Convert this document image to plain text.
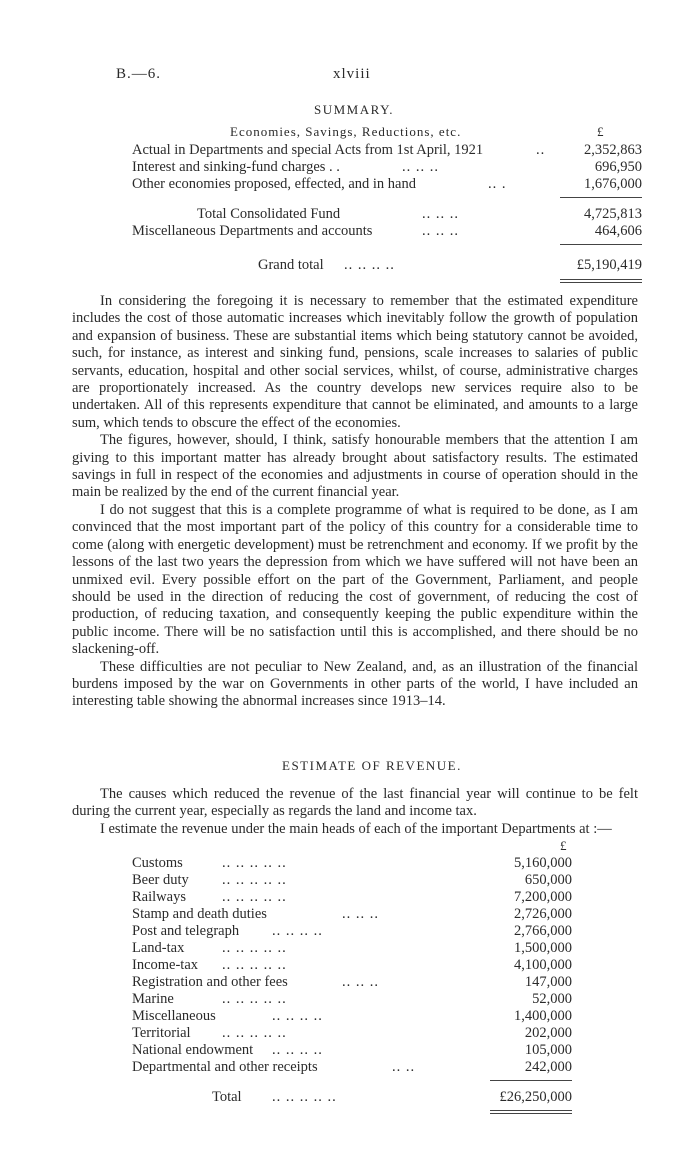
B.—6.	xlviii
SUMMARY.
Economies, Savings, Reductions, etc.	£
Actual in Departments and special Acts from 1st April, 1921	..	2,352,863
Interest and sinking-fund charges . .	.. .. ..	696,950
Other economies proposed, effected, and in hand	.. .	1,676,000
Total Consolidated Fund	.. .. ..	4,725,813
Miscellaneous Departments and accounts	.. .. ..	464,606
Grand total .. .. .. ..	£5,190,419

In considering the foregoing it is necessary to remember that the estimated expenditure includes the cost of those automatic increases which inevitably follow the growth of population and expansion of business. These are substantial items which being statutory cannot be avoided, such, for instance, as interest and sinking fund, pensions, scale increases to salaries of public servants, education, hospital and other social services, whilst, of course, administrative charges are proportionately increased. As the country develops new services require also to be undertaken. All of this represents expenditure that cannot be eliminated, and amounts to a large sum, which tends to obscure the effect of the economies.

The figures, however, should, I think, satisfy honourable members that the attention I am giving to this important matter has already brought about satisfactory results. The estimated savings in full in respect of the economies and adjustments in course of operation should in the main be realized by the end of the current financial year.

I do not suggest that this is a complete programme of what is required to be done, as I am convinced that the most important part of the policy of this country for a considerable time to come (along with energetic development) must be retrenchment and economy. If we profit by the lessons of the last two years the depression from which we have suffered will not have been an unmixed evil. Every possible effort on the part of the Government, Parliament, and people should be used in the direction of reducing the cost of government, of reducing the cost of production, of reducing taxation, and consequently keeping the public expenditure within the public income. There will be no satisfaction until this is accomplished, and there should be no slackening-off.

These difficulties are not peculiar to New Zealand, and, as an illustration of the financial burdens imposed by the war on Governments in other parts of the world, I have included an interesting table showing the abnormal increases since 1913–14.

ESTIMATE OF REVENUE.

The causes which reduced the revenue of the last financial year will continue to be felt during the current year, especially as regards the land and income tax.

I estimate the revenue under the main heads of each of the important Departments at :—

£
Customs	.. .. .. .. ..	5,160,000
Beer duty .. .. .. .. ..	650,000
Railways .. .. .. .. ..	7,200,000
Stamp and death duties	.. .. ..	2,726,000
Post and telegraph .. .. .. ..	2,766,000
Land-tax	.. .. .. .. ..	1,500,000
Income-tax .. .. .. .. ..	4,100,000
Registration and other fees	.. .. ..	147,000
Marine	.. .. .. .. ..	52,000
Miscellaneous	.. .. .. ..	1,400,000
Territorial .. .. .. .. ..	202,000
National endowment .. .. .. ..	105,000
Departmental and other receipts	.. ..	242,000
Total .. .. .. .. ..	£26,250,000
